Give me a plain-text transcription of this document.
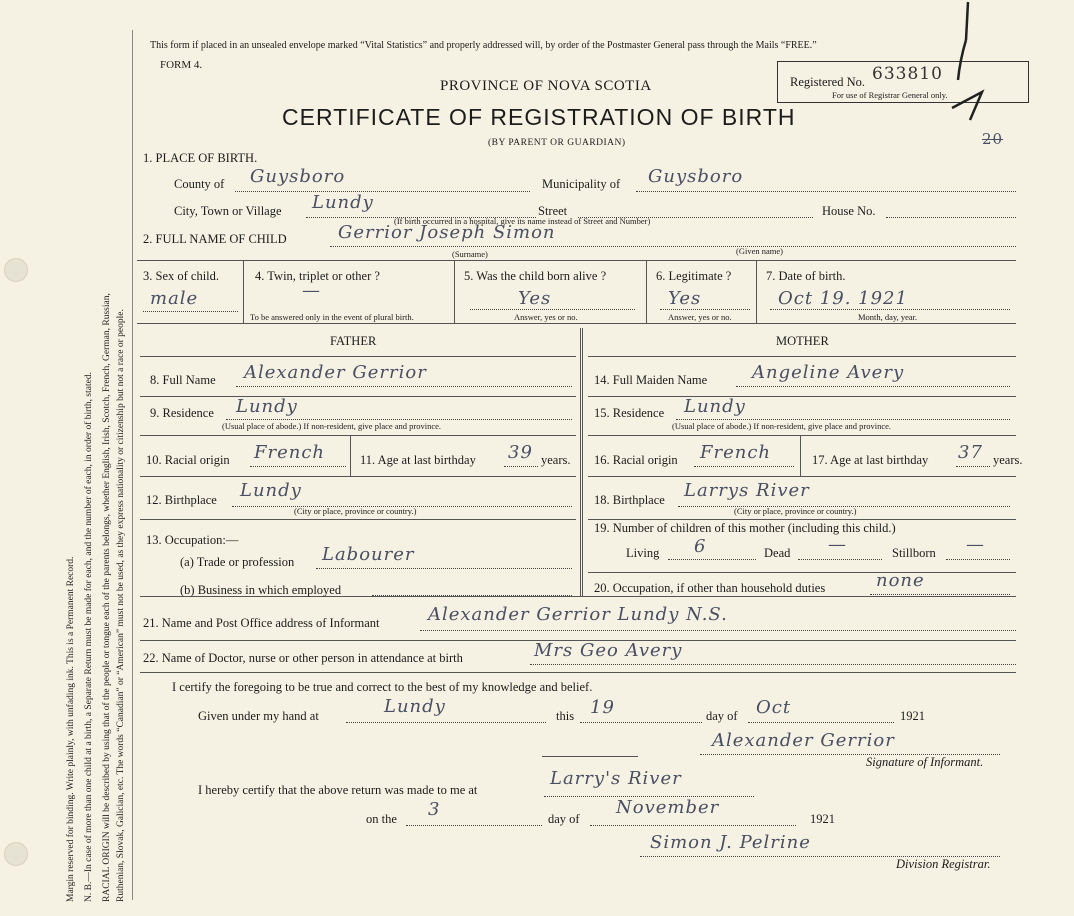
Margin reserved for binding. Write plainly, with unfading ink. This is a Permanent Record. N. B.—In case of more than one child at a birth, a Separate Return must be made for each, and the number of each, in order of birth, stated. RACIAL ORIGIN will be described by using that of the people or tongue each of the parents belongs, whether English, Irish, Scotch, French, German, Russian, Ruthenian, Slovak, Galician, etc. The words “Canadian” or “American” must not be used, as they express nationality or citizenship but not a race or people.
This form if placed in an unsealed envelope marked “Vital Statistics” and properly addressed will, by order of the Postmaster General pass through the Mails “FREE.”
FORM 4.
PROVINCE OF NOVA SCOTIA
CERTIFICATE OF REGISTRATION OF BIRTH
(BY PARENT OR GUARDIAN)
Registered No. 633810
For use of Registrar General only.
20
1. PLACE OF BIRTH.
County of Guysboro	Municipality of Guysboro
City, Town or Village Lundy	Street	House No.
(If birth occurred in a hospital, give its name instead of Street and Number)
2. FULL NAME OF CHILD	Gerrior Joseph Simon
(Surname)	(Given name)
3. Sex of child.
male
4. Twin, triplet or other ?
—
To be answered only in the event of plural birth.
5. Was the child born alive ?
Yes
Answer, yes or no.
6. Legitimate ?
Yes
Answer, yes or no.
7. Date of birth.
Oct 19. 1921
Month, day, year.
FATHER	MOTHER
8. Full Name Alexander Gerrior
9. Residence Lundy
(Usual place of abode.) If non-resident, give place and province.
10. Racial origin French	11. Age at last birthday 39 years.
12. Birthplace Lundy
(City or place, province or country.)
13. Occupation:—
(a) Trade or profession Labourer
(b) Business in which employed
14. Full Maiden Name Angeline Avery
15. Residence Lundy
(Usual place of abode.) If non-resident, give place and province.
16. Racial origin French	17. Age at last birthday 37 years.
18. Birthplace Larrys River
(City or place, province or country.)
19. Number of children of this mother (including this child.)
Living 6	Dead —	Stillborn —
20. Occupation, if other than household duties	none
21. Name and Post Office address of Informant	Alexander Gerrior Lundy N.S.
22. Name of Doctor, nurse or other person in attendance at birth	Mrs Geo Avery
I certify the foregoing to be true and correct to the best of my knowledge and belief.
Given under my hand at	Lundy	this 19	day of Oct	1921
Alexander Gerrior
Signature of Informant.
I hereby certify that the above return was made to me at
Larry's River
on the 3	day of
November
1921
Simon J. Pelrine
Division Registrar.
